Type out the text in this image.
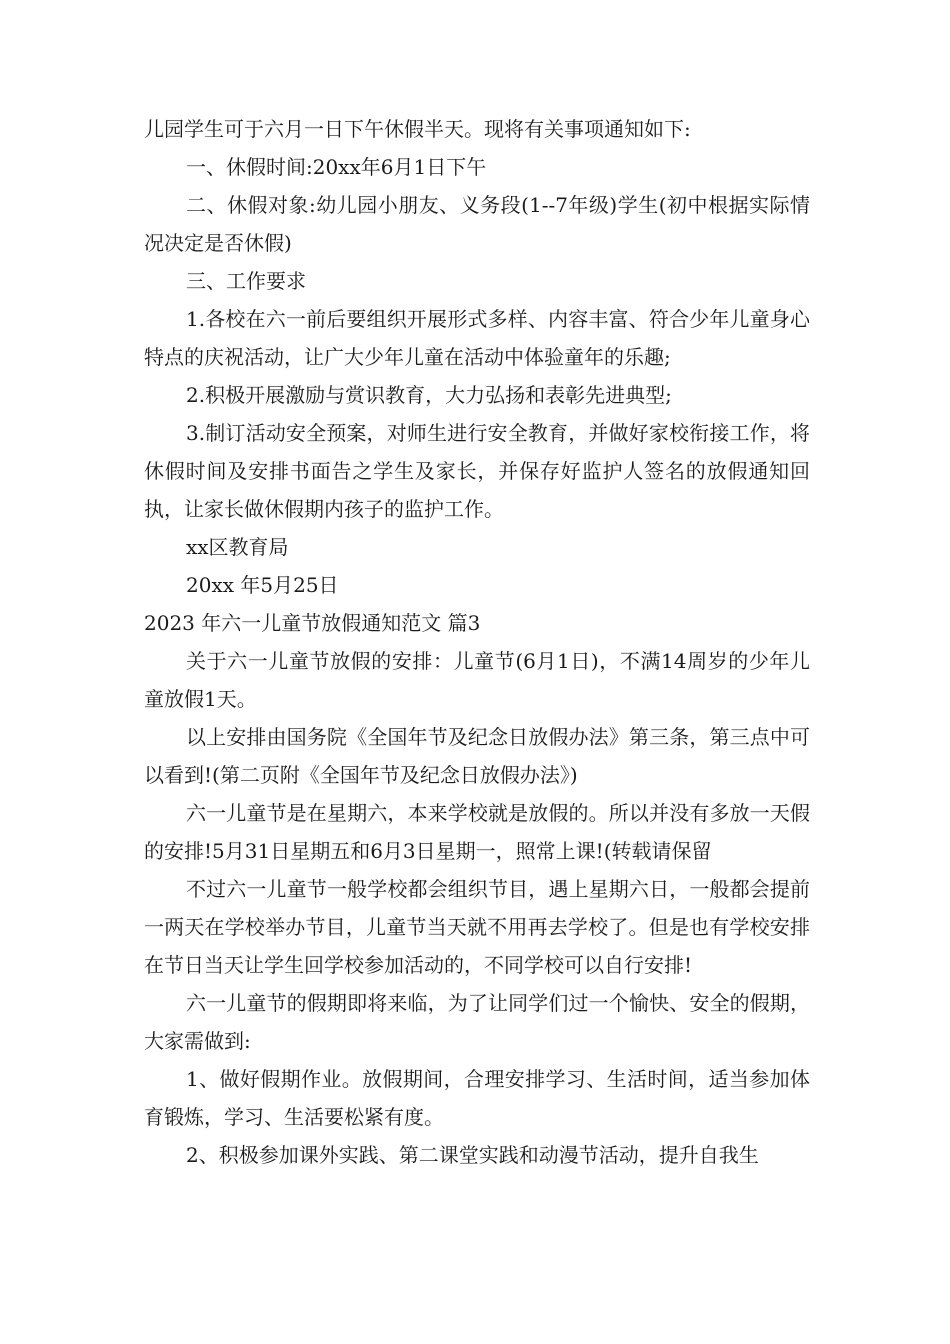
儿园学生可于六月一日下午休假半天。现将有关事项通知如下:

一、休假时间:20xx年6月1日下午

二、休假对象:幼儿园小朋友、义务段(1--7年级)学生(初中根据实际情况决定是否休假)

三、工作要求

1.各校在六一前后要组织开展形式多样、内容丰富、符合少年儿童身心特点的庆祝活动，让广大少年儿童在活动中体验童年的乐趣;

2.积极开展激励与赏识教育，大力弘扬和表彰先进典型;

3.制订活动安全预案，对师生进行安全教育，并做好家校衔接工作，将休假时间及安排书面告之学生及家长，并保存好监护人签名的放假通知回执，让家长做休假期内孩子的监护工作。

xx区教育局

20xx 年5月25日

2023 年六一儿童节放假通知范文 篇3

关于六一儿童节放假的安排：儿童节(6月1日)，不满14周岁的少年儿童放假1天。

以上安排由国务院《全国年节及纪念日放假办法》第三条，第三点中可以看到!(第二页附《全国年节及纪念日放假办法》)

六一儿童节是在星期六，本来学校就是放假的。所以并没有多放一天假的安排!5月31日星期五和6月3日星期一，照常上课!(转载请保留

不过六一儿童节一般学校都会组织节目，遇上星期六日，一般都会提前一两天在学校举办节目，儿童节当天就不用再去学校了。但是也有学校安排在节日当天让学生回学校参加活动的，不同学校可以自行安排!

六一儿童节的假期即将来临，为了让同学们过一个愉快、安全的假期，大家需做到:

1、做好假期作业。放假期间，合理安排学习、生活时间，适当参加体育锻炼，学习、生活要松紧有度。

2、积极参加课外实践、第二课堂实践和动漫节活动，提升自我生
